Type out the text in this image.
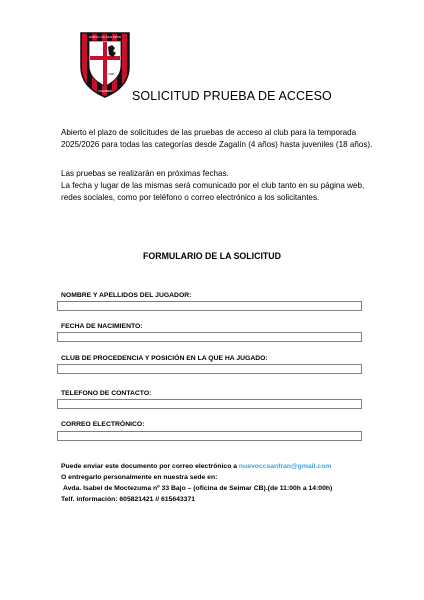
NUEVO CC SAN FRAN
1988
CHAMBERÍ SOLICITUD PRUEBA DE ACCESO
Abierto el plazo de solicitudes de las pruebas de acceso al club para la temporada 2025/2026 para todas las categorías desde Zagalín (4 años) hasta juveniles (18 años).
Las pruebas se realizarán en próximas fechas.
La fecha y lugar de las mismas será comunicado por el club tanto en su página web, redes sociales, como por teléfono o correo electrónico a los solicitantes.
FORMULARIO DE LA SOLICITUD
NOMBRE Y APELLIDOS DEL JUGADOR:
FECHA DE NACIMIENTO:
CLUB DE PROCEDENCIA Y POSICIÓN EN LA QUE HA JUGADO:
TELEFONO DE CONTACTO:
CORREO ELECTRÓNICO:
Puede enviar este documento por correo electrónico a nuevoccsanfran@gmail.com
O entregarlo personalmente en nuestra sede en:
Avda. Isabel de Moctezuma nº 33 Bajo – (oficina de Seimar CB).(de 11:00h a 14:00h)
Telf. información: 605821421 // 615643371
